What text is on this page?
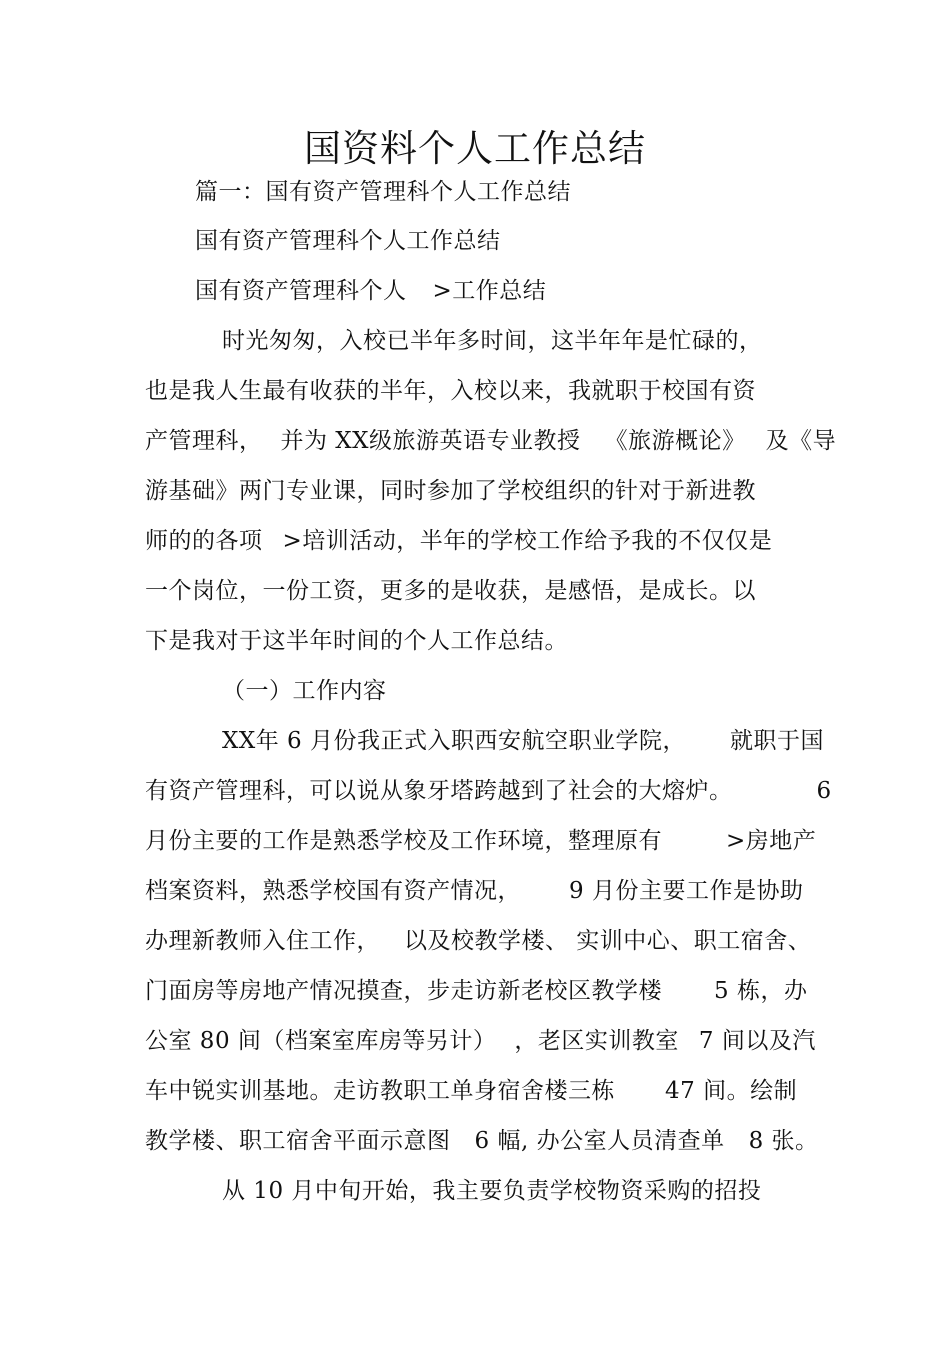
国资料个人工作总结
篇一：国有资产管理科个人工作总结
国有资产管理科个人工作总结
国有资产管理科个人 >工作总结
时光匆匆，入校已半年多时间，这半年年是忙碌的，
也是我人生最有收获的半年，入校以来，我就职于校国有资
产管理科， 并为 XX级旅游英语专业教授 《旅游概论》 及《导
游基础》两门专业课，同时参加了学校组织的针对于新进教
师的的各项 >培训活动，半年的学校工作给予我的不仅仅是
一个岗位，一份工资，更多的是收获，是感悟，是成长。以
下是我对于这半年时间的个人工作总结。
（一）工作内容
XX年 6 月份我正式入职西安航空职业学院， 就职于国
有资产管理科，可以说从象牙塔跨越到了社会的大熔炉。	6
月份主要的工作是熟悉学校及工作环境，整理原有	>房地产
档案资料，熟悉学校国有资产情况， 9 月份主要工作是协助
办理新教师入住工作， 以及校教学楼、 实训中心、职工宿舍、
门面房等房地产情况摸查，步走访新老校区教学楼 5 栋，办
公室 80 间（档案室库房等另计） ，老区实训教室 7 间以及汽
车中锐实训基地。走访教职工单身宿舍楼三栋 47 间。绘制
教学楼、职工宿舍平面示意图 6 幅, 办公室人员清查单 8 张。
从 10 月中旬开始，我主要负责学校物资采购的招投
